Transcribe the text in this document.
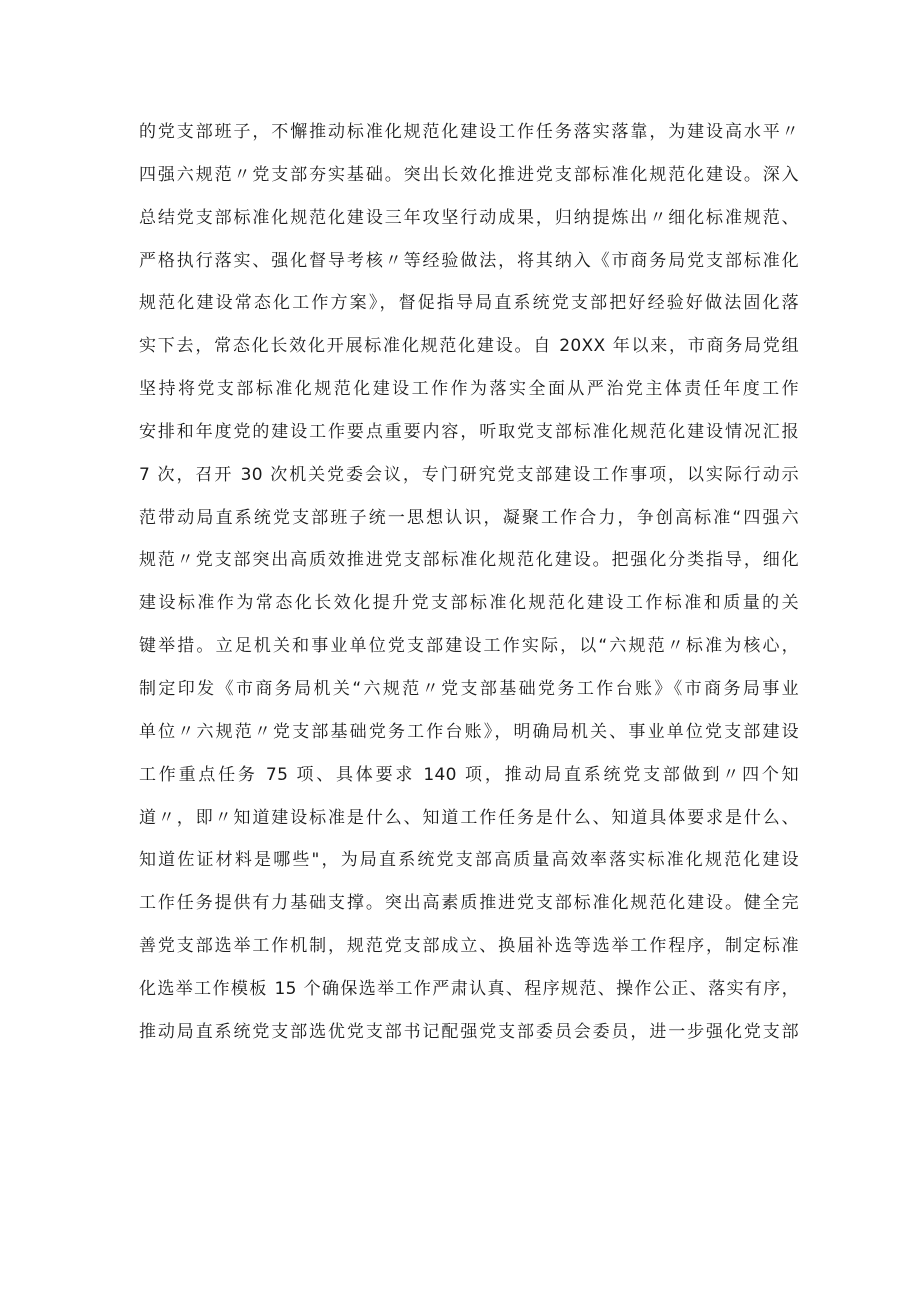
的党支部班子，不懈推动标准化规范化建设工作任务落实落靠，为建设高水平〃
四强六规范〃党支部夯实基础。突出长效化推进党支部标准化规范化建设。深入
总结党支部标准化规范化建设三年攻坚行动成果，归纳提炼出〃细化标准规范、
严格执行落实、强化督导考核〃等经验做法，将其纳入《市商务局党支部标准化
规范化建设常态化工作方案》，督促指导局直系统党支部把好经验好做法固化落
实下去，常态化长效化开展标准化规范化建设。自 20XX 年以来，市商务局党组
坚持将党支部标准化规范化建设工作作为落实全面从严治党主体责任年度工作
安排和年度党的建设工作要点重要内容，听取党支部标准化规范化建设情况汇报
7 次，召开 30 次机关党委会议，专门研究党支部建设工作事项，以实际行动示
范带动局直系统党支部班子统一思想认识，凝聚工作合力，争创高标准“四强六
规范〃党支部突出高质效推进党支部标准化规范化建设。把强化分类指导，细化
建设标准作为常态化长效化提升党支部标准化规范化建设工作标准和质量的关
键举措。立足机关和事业单位党支部建设工作实际，以“六规范〃标准为核心，
制定印发《市商务局机关“六规范〃党支部基础党务工作台账》《市商务局事业
单位〃六规范〃党支部基础党务工作台账》，明确局机关、事业单位党支部建设
工作重点任务 75 项、具体要求 140 项，推动局直系统党支部做到〃四个知
道〃，即〃知道建设标准是什么、知道工作任务是什么、知道具体要求是什么、
知道佐证材料是哪些"，为局直系统党支部高质量高效率落实标准化规范化建设
工作任务提供有力基础支撑。突出高素质推进党支部标准化规范化建设。健全完
善党支部选举工作机制，规范党支部成立、换届补选等选举工作程序，制定标准
化选举工作模板 15 个确保选举工作严肃认真、程序规范、操作公正、落实有序，
推动局直系统党支部选优党支部书记配强党支部委员会委员，进一步强化党支部
